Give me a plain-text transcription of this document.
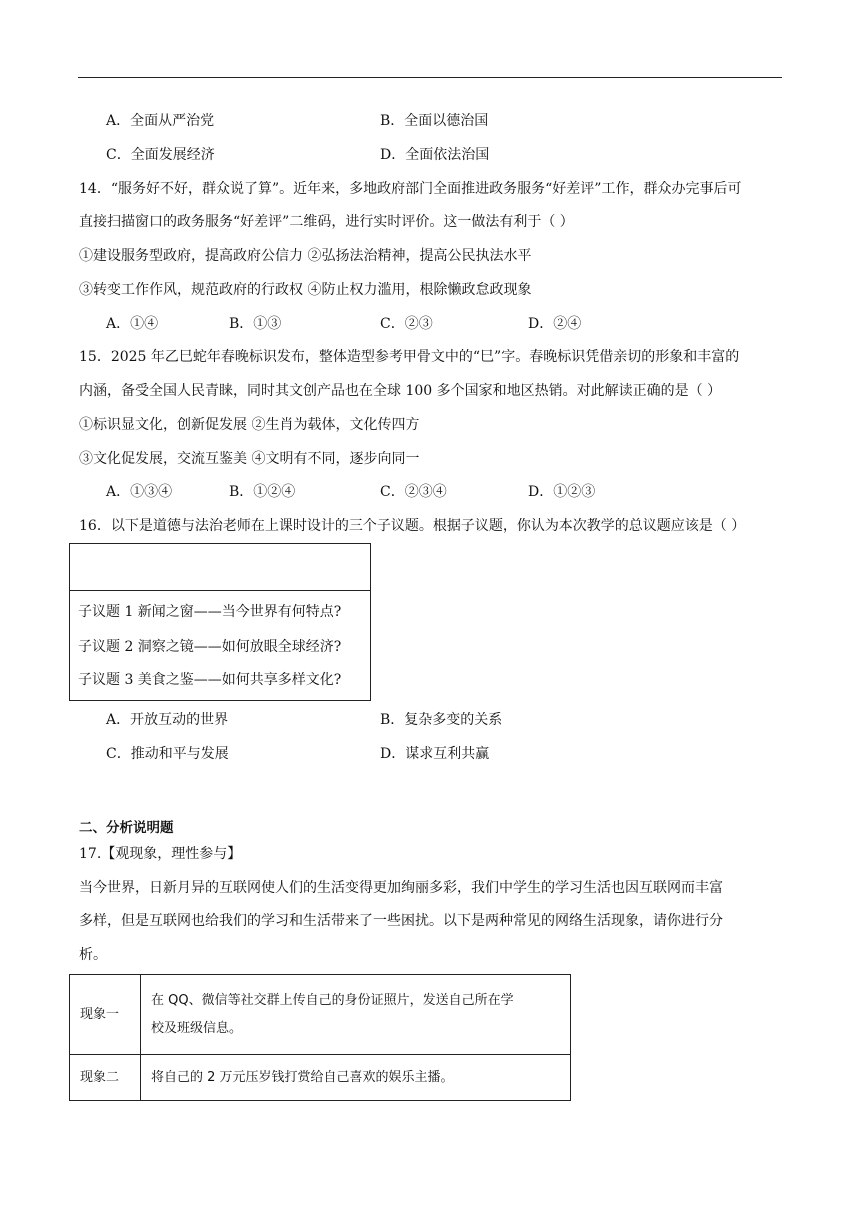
A．全面从严治党	B．全面以德治国
C．全面发展经济	D．全面依法治国
14．“服务好不好，群众说了算”。近年来，多地政府部门全面推进政务服务“好差评”工作，群众办完事后可
直接扫描窗口的政务服务“好差评”二维码，进行实时评价。这一做法有利于（ ）
①建设服务型政府，提高政府公信力 ②弘扬法治精神，提高公民执法水平
③转变工作作风，规范政府的行政权 ④防止权力滥用，根除懒政怠政现象
A．①④	B．①③	C．②③	D．②④
15．2025 年乙巳蛇年春晚标识发布，整体造型参考甲骨文中的“巳”字。春晚标识凭借亲切的形象和丰富的
内涵，备受全国人民青睐，同时其文创产品也在全球 100 多个国家和地区热销。对此解读正确的是（ ）
①标识显文化，创新促发展 ②生肖为载体，文化传四方
③文化促发展，交流互鉴美 ④文明有不同，逐步向同一
A．①③④	B．①②④	C．②③④	D．①②③
16．以下是道德与法治老师在上课时设计的三个子议题。根据子议题，你认为本次教学的总议题应该是（ ）
子议题 1 新闻之窗——当今世界有何特点?
子议题 2 洞察之镜——如何放眼全球经济?
子议题 3 美食之鉴——如何共享多样文化?
A．开放互动的世界	B．复杂多变的关系
C．推动和平与发展	D．谋求互利共赢
二、分析说明题
17.【观现象，理性参与】
当今世界，日新月异的互联网使人们的生活变得更加绚丽多彩，我们中学生的学习生活也因互联网而丰富
多样，但是互联网也给我们的学习和生活带来了一些困扰。以下是两种常见的网络生活现象，请你进行分
析。
现象一	在 QQ、微信等社交群上传自己的身份证照片，发送自己所在学
校及班级信息。

现象二	将自己的 2 万元压岁钱打赏给自己喜欢的娱乐主播。
